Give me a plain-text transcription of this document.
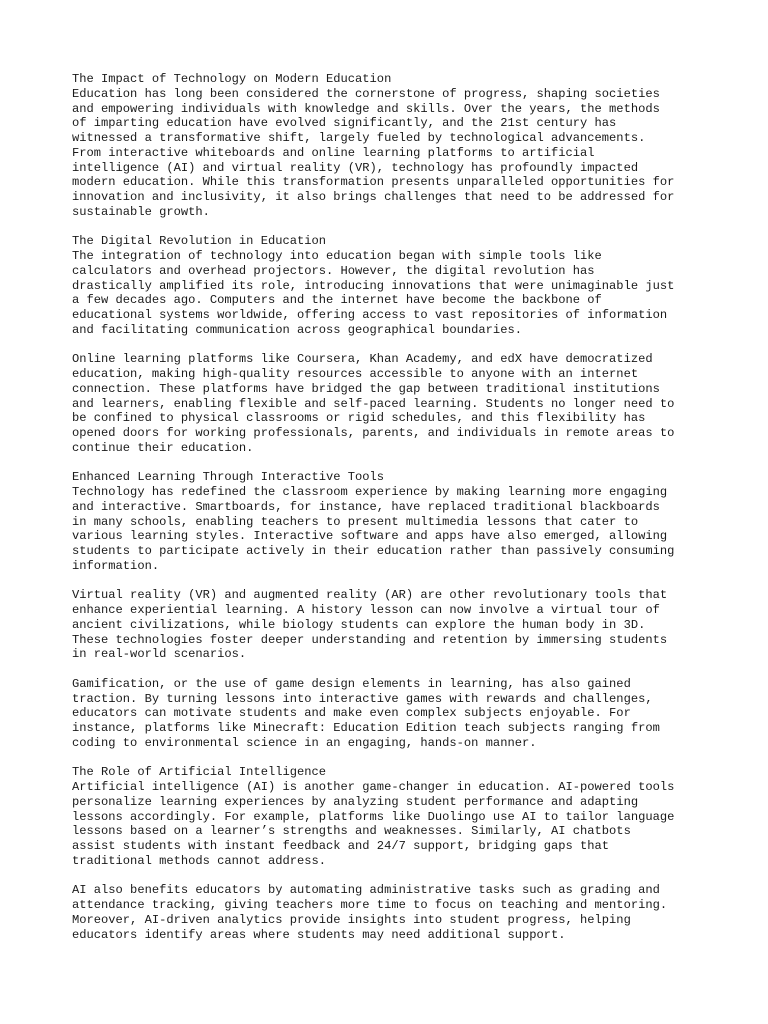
The Impact of Technology on Modern Education
Education has long been considered the cornerstone of progress, shaping societies
and empowering individuals with knowledge and skills. Over the years, the methods
of imparting education have evolved significantly, and the 21st century has
witnessed a transformative shift, largely fueled by technological advancements.
From interactive whiteboards and online learning platforms to artificial
intelligence (AI) and virtual reality (VR), technology has profoundly impacted
modern education. While this transformation presents unparalleled opportunities for
innovation and inclusivity, it also brings challenges that need to be addressed for
sustainable growth.
The Digital Revolution in Education
The integration of technology into education began with simple tools like
calculators and overhead projectors. However, the digital revolution has
drastically amplified its role, introducing innovations that were unimaginable just
a few decades ago. Computers and the internet have become the backbone of
educational systems worldwide, offering access to vast repositories of information
and facilitating communication across geographical boundaries.
Online learning platforms like Coursera, Khan Academy, and edX have democratized
education, making high-quality resources accessible to anyone with an internet
connection. These platforms have bridged the gap between traditional institutions
and learners, enabling flexible and self-paced learning. Students no longer need to
be confined to physical classrooms or rigid schedules, and this flexibility has
opened doors for working professionals, parents, and individuals in remote areas to
continue their education.
Enhanced Learning Through Interactive Tools
Technology has redefined the classroom experience by making learning more engaging
and interactive. Smartboards, for instance, have replaced traditional blackboards
in many schools, enabling teachers to present multimedia lessons that cater to
various learning styles. Interactive software and apps have also emerged, allowing
students to participate actively in their education rather than passively consuming
information.
Virtual reality (VR) and augmented reality (AR) are other revolutionary tools that
enhance experiential learning. A history lesson can now involve a virtual tour of
ancient civilizations, while biology students can explore the human body in 3D.
These technologies foster deeper understanding and retention by immersing students
in real-world scenarios.
Gamification, or the use of game design elements in learning, has also gained
traction. By turning lessons into interactive games with rewards and challenges,
educators can motivate students and make even complex subjects enjoyable. For
instance, platforms like Minecraft: Education Edition teach subjects ranging from
coding to environmental science in an engaging, hands-on manner.
The Role of Artificial Intelligence
Artificial intelligence (AI) is another game-changer in education. AI-powered tools
personalize learning experiences by analyzing student performance and adapting
lessons accordingly. For example, platforms like Duolingo use AI to tailor language
lessons based on a learner’s strengths and weaknesses. Similarly, AI chatbots
assist students with instant feedback and 24/7 support, bridging gaps that
traditional methods cannot address.
AI also benefits educators by automating administrative tasks such as grading and
attendance tracking, giving teachers more time to focus on teaching and mentoring.
Moreover, AI-driven analytics provide insights into student progress, helping
educators identify areas where students may need additional support.
